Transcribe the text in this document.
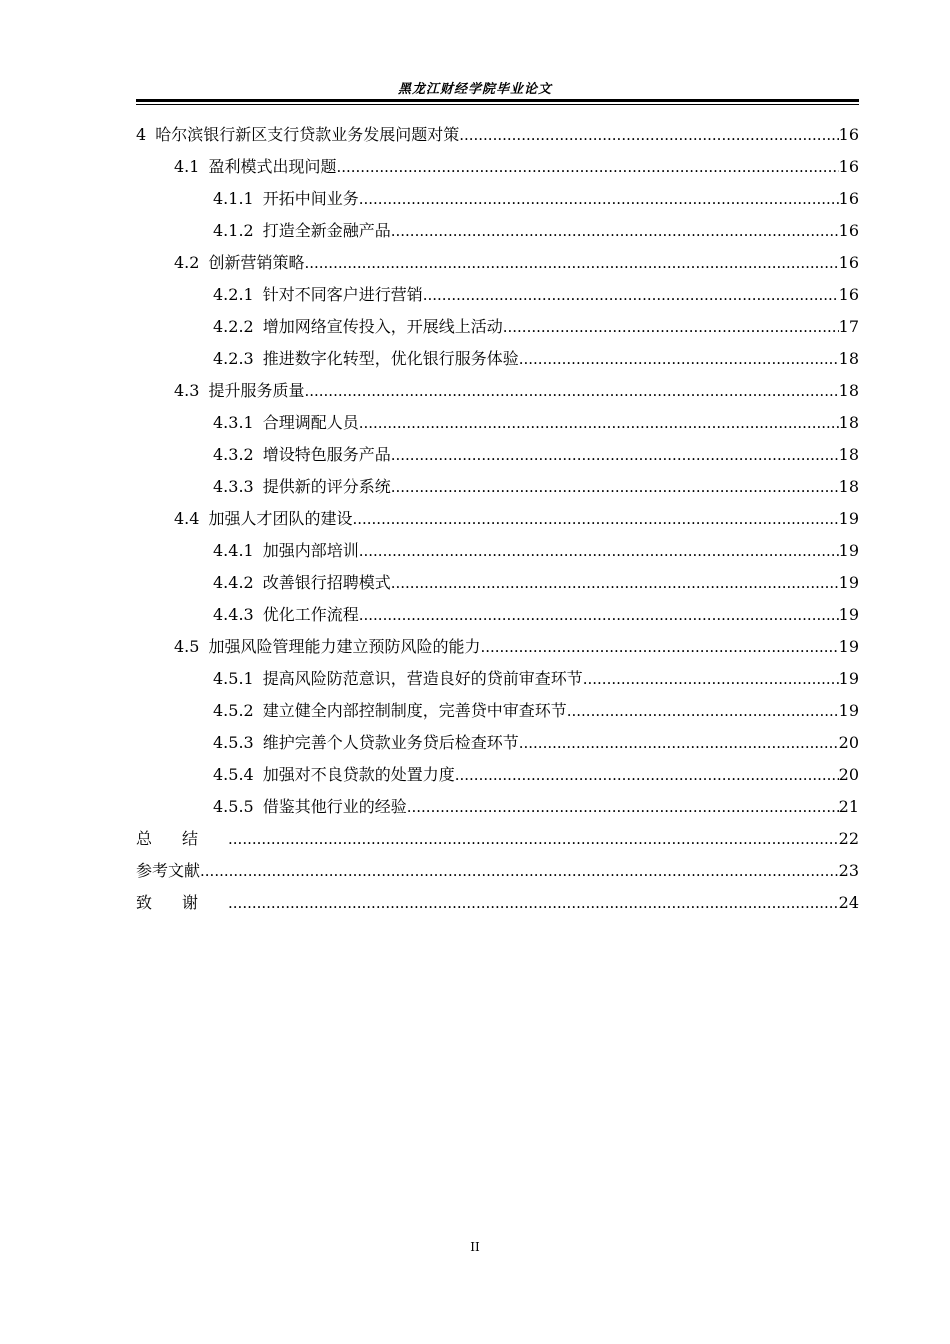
黑龙江财经学院毕业论文
4 哈尔滨银行新区支行贷款业务发展问题对策 .....	16
4.1 盈利模式出现问题 .....	16
4.1.1 开拓中间业务 .....	16
4.1.2 打造全新金融产品 .....	16
4.2 创新营销策略 .....	16
4.2.1 针对不同客户进行营销 .....	16
4.2.2 增加网络宣传投入，开展线上活动 .....	17
4.2.3 推进数字化转型，优化银行服务体验 .....	18
4.3 提升服务质量 .....	18
4.3.1 合理调配人员 .....	18
4.3.2 增设特色服务产品 .....	18
4.3.3 提供新的评分系统 .....	18
4.4 加强人才团队的建设 .....	19
4.4.1 加强内部培训 .....	19
4.4.2 改善银行招聘模式 .....	19
4.4.3 优化工作流程 .....	19
4.5 加强风险管理能力建立预防风险的能力 .....	19
4.5.1 提高风险防范意识，营造良好的贷前审查环节 .....	19
4.5.2 建立健全内部控制制度，完善贷中审查环节 .....	19
4.5.3 维护完善个人贷款业务贷后检查环节 .....	20
4.5.4 加强对不良贷款的处置力度 .....	20
4.5.5 借鉴其他行业的经验 .....	21
总结 .....	22
参考文献 .....	23
致谢 .....	24
II
